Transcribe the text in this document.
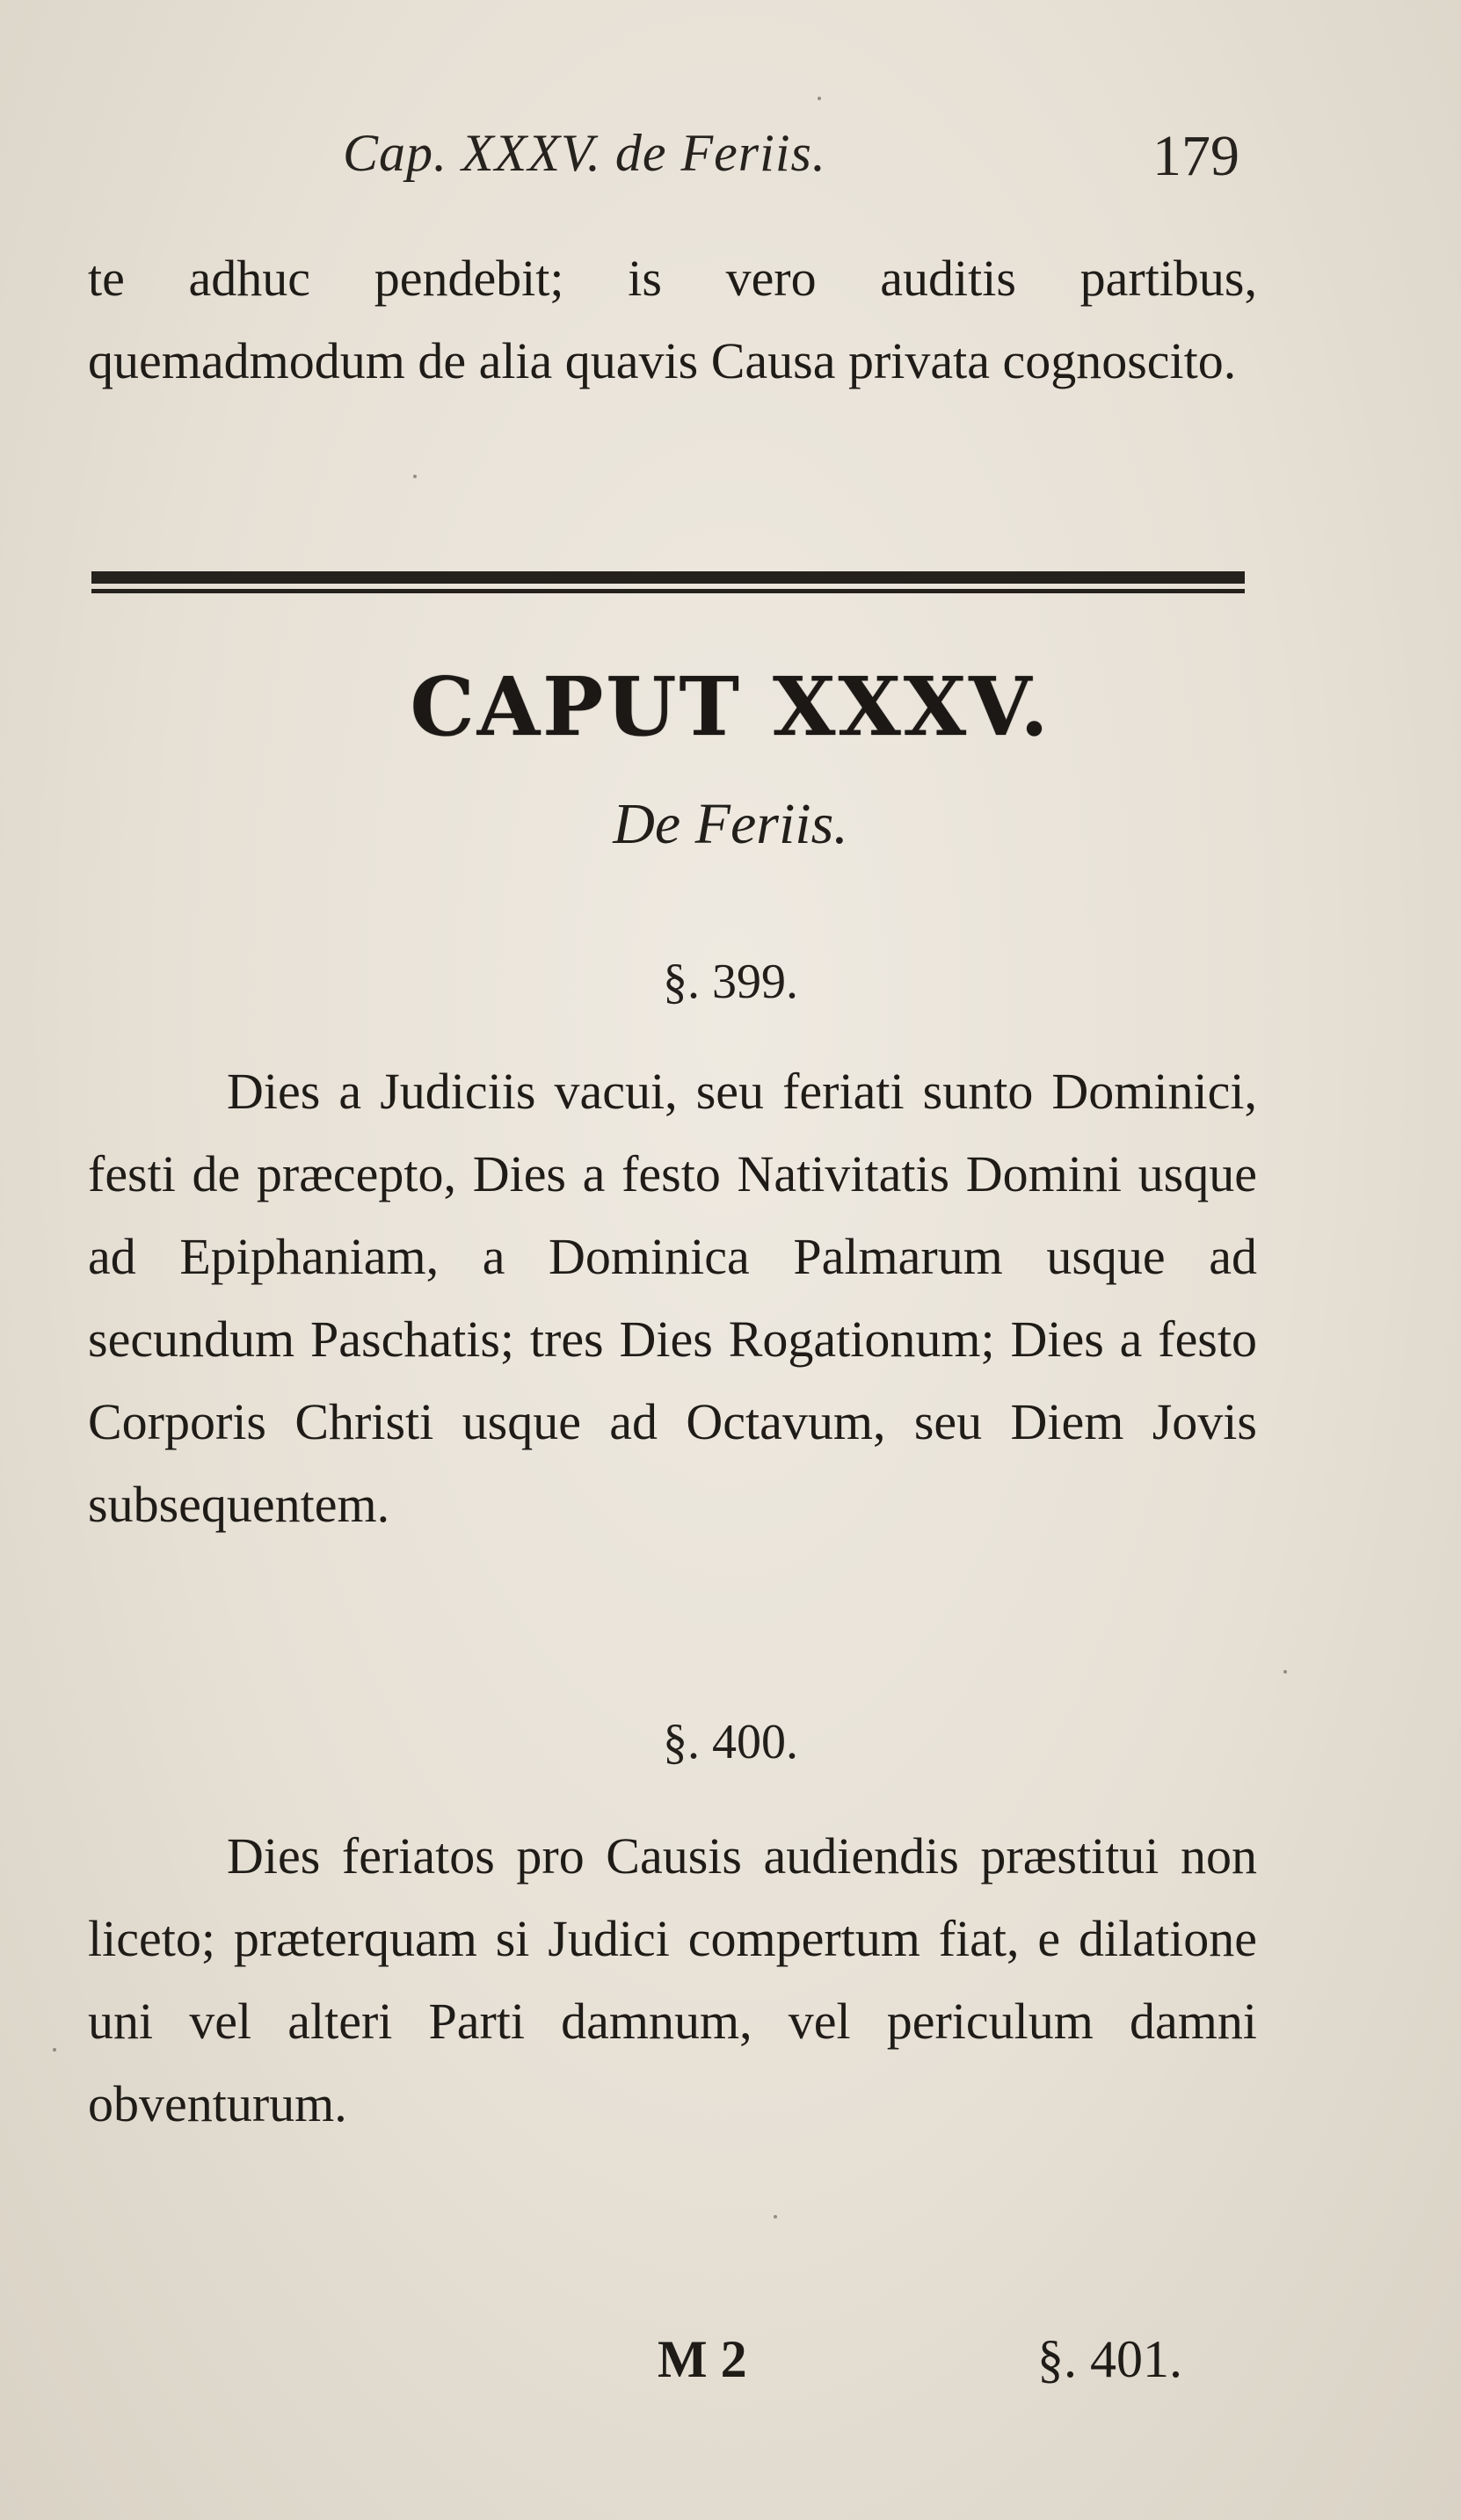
Cap. XXXV. de Feriis.	179
te adhuc pendebit; is vero auditis partibus, quemadmodum de alia quavis Causa privata cognoscito.
CAPUT XXXV.
De Feriis.
§. 399.
Dies a Judiciis vacui, seu feriati sunto Dominici, festi de præcepto, Dies a festo Nativitatis Domini usque ad Epiphaniam, a Dominica Palmarum usque ad secundum Paschatis; tres Dies Rogationum; Dies a festo Corporis Christi usque ad Octavum, seu Diem Jovis subsequentem.
§. 400.
Dies feriatos pro Causis audiendis præstitui non liceto; præterquam si Judici compertum fiat, e dilatione uni vel alteri Parti damnum, vel periculum damni obventurum.
M 2	§. 401.
